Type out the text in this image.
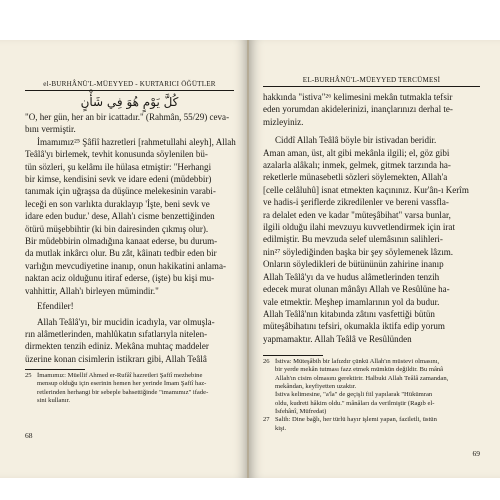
el-BURHÂNÜ'L-MÜEYYED - KURTARICI ÖĞÜTLER
كُلَّ يَوْمٍ هُوَ فِي شَأْنٍ
"O, her gün, her an bir icattadır." (Rahmân, 55/29) ceva-
bını vermiştir.
İmamımız²⁵ Şâfiî hazretleri [rahmetullahi aleyh], Allah
Teâlâ'yı birlemek, tevhit konusunda söylenilen bü-
tün sözleri, şu kelâmı ile hülasa etmiştir: "Herhangi
bir kimse, kendisini sevk ve idare edeni (müdebbir)
tanımak için uğraşsa da düşünce melekesinin varabi-
leceği en son varlıkta duraklayıp 'İşte, beni sevk ve
idare eden budur.' dese, Allah'ı cisme benzettiğinden
ötürü müşebbihtir (ki bin dairesinden çıkmış olur).
Bir müdebbirin olmadığına kanaat ederse, bu durum-
da mutlak inkârcı olur. Bu zât, kâinatı tedbir eden bir
varlığın mevcudiyetine inanıp, onun hakikatini anlama-
naktan aciz olduğunu itiraf ederse, (işte) bu kişi mu-
vahhittir, Allah'ı birleyen mümindir."
Efendiler!
Allah Teâlâ'yı, bir mucidin icadıyla, var olmuşla-
rın alâmetlerinden, mahlûkatın sıfatlarıyla nitelen-
dirmekten tenzih ediniz. Mekâna muhtaç maddeler
üzerine konan cisimlerin istikrarı gibi, Allah Teâlâ
25 İmamımız: Müellif Ahmed er-Rufâî hazretleri Şafiî mezhebine
mensup olduğu için eserinin hemen her yerinde İmam Şafiî haz-
retlerinden herhangi bir sebeple bahsettiğinde "imamımız" ifade-
sini kullanır.
68
EL-BURHÂNÜ'L-MÜEYYED TERCÜMESİ
hakkında "istiva"²⁶ kelimesini mekân tutmakla tefsir
eden yorumdan akidelerinizi, inançlarınızı derhal te-
mizleyiniz.
Ciddî Allah Teâlâ böyle bir istivadan beridir.
Aman aman, üst, alt gibi mekânla ilgili; el, göz gibi
azalarla alâkalı; inmek, gelmek, gitmek tarzında ha-
reketlerle münasebetli sözleri söylemekten, Allah'a
[celle celâluhû] isnat etmekten kaçınınız. Kur'ân-ı Kerîm
ve hadis-i şeriflerde zikredilenler ve bereni vassfla-
ra delalet eden ve kadar "müteşâbihat" varsa bunlar,
ilgili olduğu ilahi mevzuyu kuvvetlendirmek için irat
edilmiştir. Bu mevzuda selef ulemâsının salihleri-
nin²⁷ söylediğinden başka bir şey söylemenek lâzım.
Onların söyledikleri de bütününün zahirine inanıp
Allah Teâlâ'yı da ve hudus alâmetlerinden tenzih
edecek murat olunan mânâyı Allah ve Resûlüne ha-
vale etmektir. Meşhep imamlarının yol da budur.
Allah Teâlâ'nın kitabında zâtını vasfettiği bütün
müteşâbihatını tefsiri, okumakla iktifa edip yorum
yapmamaktır. Allah Teâlâ ve Resûlünden
26 İstiva: Müteşâbih bir lafızdır çünkü Allah'ın müstevi olmasını,
bir yerde mekân tutması fazz etmek mümkün değildir. Bu mânâ
Allah'ın cisim olmasını gerektirir. Halbuki Allah Teâlâ zamandan,
mekândan, keyfiyetten uzaktır.
İstiva kelimesine, "a'la" de geçişli fiil yapılarak "Hükümran
oldu, kudreti hâkim oldu." mânâları da verilmiştir (Ragıb el-
İsfehânî, Müfredat)
27 Salih: Dine bağlı, her türlü hayır işlemi yapan, faziletli, üstün
kişi.
69
